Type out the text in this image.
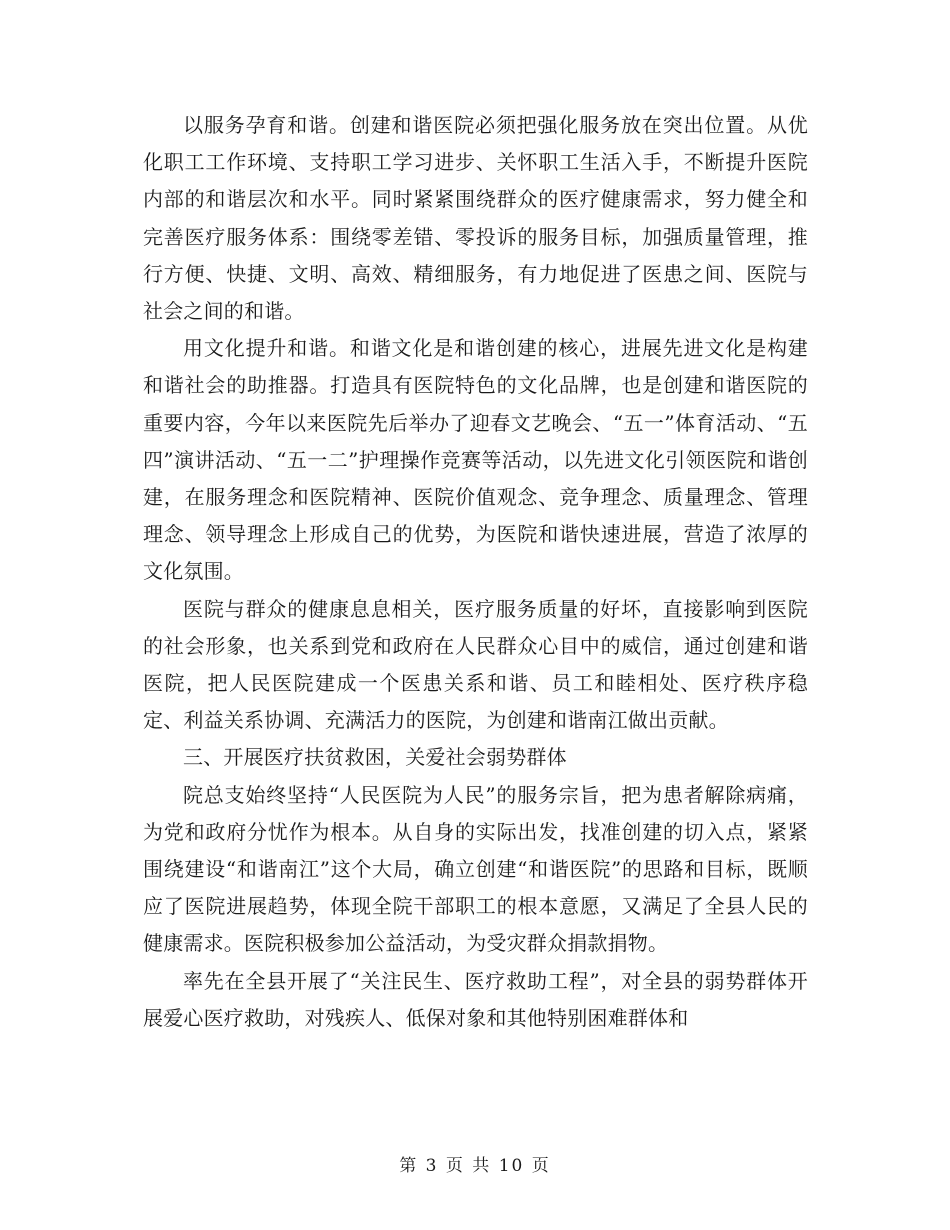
以服务孕育和谐。创建和谐医院必须把强化服务放在突出位置。从优化职工工作环境、支持职工学习进步、关怀职工生活入手，不断提升医院内部的和谐层次和水平。同时紧紧围绕群众的医疗健康需求，努力健全和完善医疗服务体系：围绕零差错、零投诉的服务目标，加强质量管理，推行方便、快捷、文明、高效、精细服务，有力地促进了医患之间、医院与社会之间的和谐。

用文化提升和谐。和谐文化是和谐创建的核心，进展先进文化是构建和谐社会的助推器。打造具有医院特色的文化品牌，也是创建和谐医院的重要内容，今年以来医院先后举办了迎春文艺晚会、“五一”体育活动、“五四”演讲活动、“五一二”护理操作竞赛等活动，以先进文化引领医院和谐创建，在服务理念和医院精神、医院价值观念、竞争理念、质量理念、管理理念、领导理念上形成自己的优势，为医院和谐快速进展，营造了浓厚的文化氛围。

医院与群众的健康息息相关，医疗服务质量的好坏，直接影响到医院的社会形象，也关系到党和政府在人民群众心目中的威信，通过创建和谐医院，把人民医院建成一个医患关系和谐、员工和睦相处、医疗秩序稳定、利益关系协调、充满活力的医院，为创建和谐南江做出贡献。

三、开展医疗扶贫救困，关爱社会弱势群体

院总支始终坚持“人民医院为人民”的服务宗旨，把为患者解除病痛，为党和政府分忧作为根本。从自身的实际出发，找准创建的切入点，紧紧围绕建设“和谐南江”这个大局，确立创建“和谐医院”的思路和目标，既顺应了医院进展趋势，体现全院干部职工的根本意愿，又满足了全县人民的健康需求。医院积极参加公益活动，为受灾群众捐款捐物。

率先在全县开展了“关注民生、医疗救助工程”，对全县的弱势群体开展爱心医疗救助，对残疾人、低保对象和其他特别困难群体和

第 3 页 共 10 页
